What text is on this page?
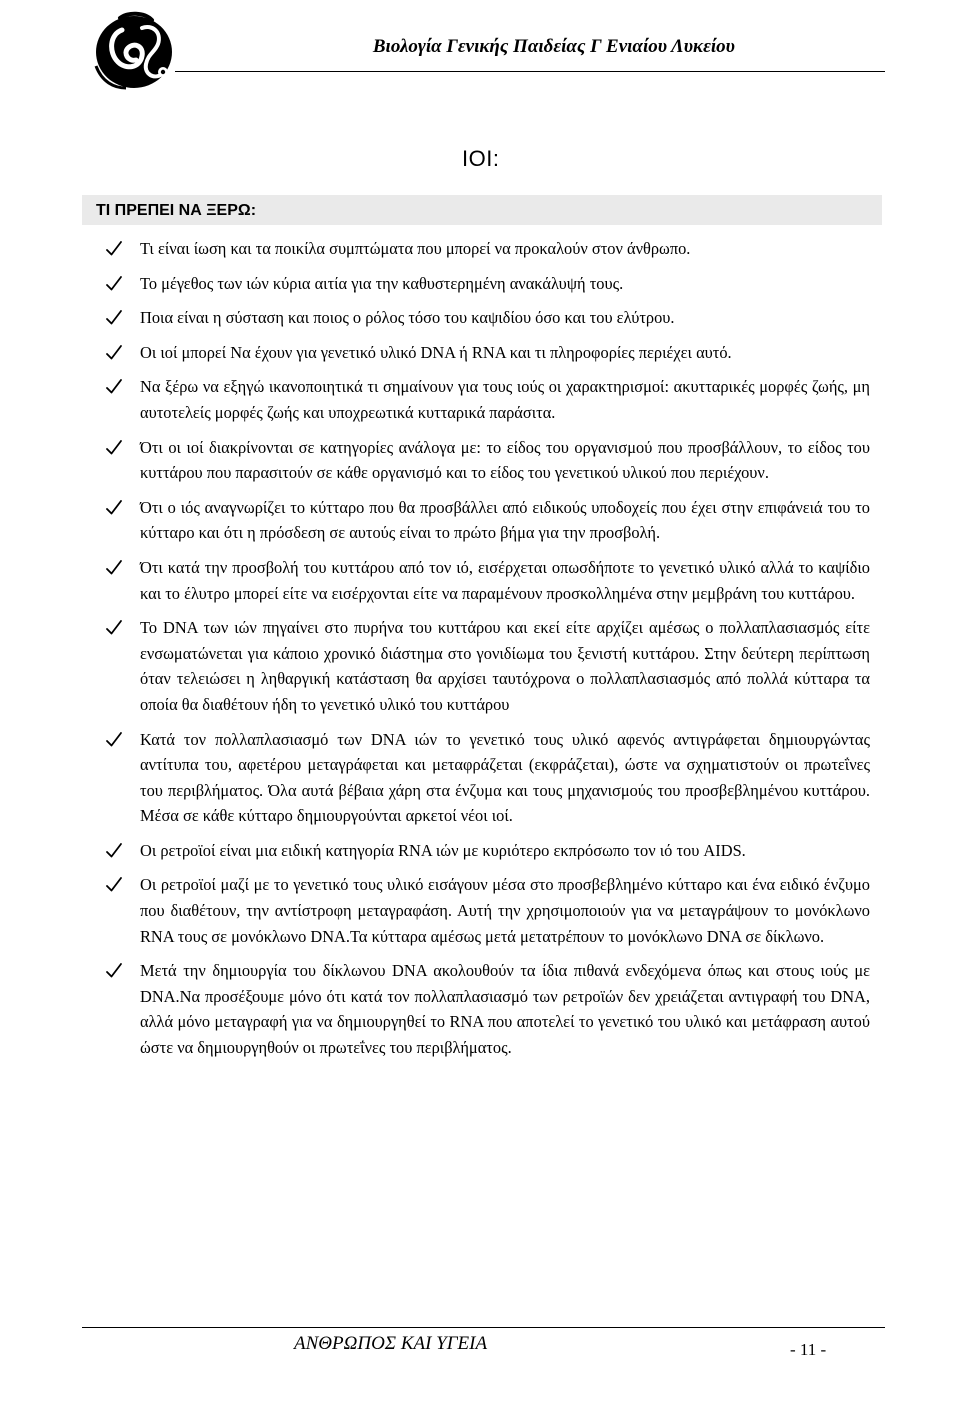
Βιολογία Γενικής Παιδείας Γ Ενιαίου Λυκείου
ΙΟΙ:
ΤΙ ΠΡΕΠΕΙ ΝΑ ΞΕΡΩ:
Τι είναι ίωση και τα ποικίλα συμπτώματα που μπορεί να προκαλούν στον άνθρωπο.
Το μέγεθος των ιών κύρια αιτία για την καθυστερημένη ανακάλυψή τους.
Ποια είναι η σύσταση και ποιος ο ρόλος τόσο του καψιδίου όσο και του ελύτρου.
Οι ιοί μπορεί Να έχουν για γενετικό υλικό DNA ή RNA και τι πληροφορίες περιέχει αυτό.
Να ξέρω να εξηγώ ικανοποιητικά τι σημαίνουν για τους ιούς οι χαρακτηρισμοί: ακυτταρικές μορφές ζωής, μη αυτοτελείς μορφές ζωής και υποχρεωτικά κυτταρικά παράσιτα.
Ότι οι ιοί διακρίνονται σε κατηγορίες ανάλογα με: το είδος του οργανισμού που προσβάλλουν, το είδος του κυττάρου που παρασιτούν σε κάθε οργανισμό και το είδος του γενετικού υλικού που περιέχουν.
Ότι ο ιός αναγνωρίζει το κύτταρο που θα προσβάλλει από ειδικούς υποδοχείς που έχει στην επιφάνειά του το κύτταρο και ότι η πρόσδεση σε αυτούς είναι το πρώτο βήμα για την προσβολή.
Ότι κατά την προσβολή του κυττάρου από τον ιό, εισέρχεται οπωσδήποτε το γενετικό υλικό αλλά το καψίδιο και το έλυτρο μπορεί είτε να εισέρχονται είτε να παραμένουν προσκολλημένα στην μεμβράνη του κυττάρου.
Το DNA των ιών πηγαίνει στο πυρήνα του κυττάρου και εκεί είτε αρχίζει αμέσως ο πολλαπλασιασμός είτε ενσωματώνεται για κάποιο χρονικό διάστημα στο γονιδίωμα του ξενιστή κυττάρου. Στην δεύτερη περίπτωση όταν τελειώσει η ληθαργική κατάσταση θα αρχίσει ταυτόχρονα ο πολλαπλασιασμός από πολλά κύτταρα τα οποία θα διαθέτουν ήδη το γενετικό υλικό του κυττάρου
Κατά τον πολλαπλασιασμό των DNA ιών το γενετικό τους υλικό αφενός αντιγράφεται δημιουργώντας αντίτυπα του, αφετέρου μεταγράφεται και μεταφράζεται (εκφράζεται), ώστε να σχηματιστούν οι πρωτεΐνες του περιβλήματος. Όλα αυτά βέβαια χάρη στα ένζυμα και τους μηχανισμούς του προσβεβλημένου κυττάρου. Μέσα σε κάθε κύτταρο δημιουργούνται αρκετοί νέοι ιοί.
Οι ρετροϊοί είναι μια ειδική κατηγορία RNA ιών με κυριότερο εκπρόσωπο τον ιό του AIDS.
Οι ρετροϊοί μαζί με το γενετικό τους υλικό εισάγουν μέσα στο προσβεβλημένο κύτταρο και ένα ειδικό ένζυμο που διαθέτουν, την αντίστροφη μεταγραφάση. Αυτή την χρησιμοποιούν για να μεταγράψουν το μονόκλωνο RNA τους σε μονόκλωνο DNA.Τα κύτταρα αμέσως μετά μετατρέπουν το μονόκλωνο DNA σε δίκλωνο.
Μετά την δημιουργία του δίκλωνου DNA ακολουθούν τα ίδια πιθανά ενδεχόμενα όπως και στους ιούς με DNA.Να προσέξουμε μόνο ότι κατά τον πολλαπλασιασμό των ρετροϊών δεν χρειάζεται αντιγραφή του DNA, αλλά μόνο μεταγραφή για να δημιουργηθεί το RNA που αποτελεί το γενετικό του υλικό και μετάφραση αυτού ώστε να δημιουργηθούν οι πρωτεΐνες του περιβλήματος.
ΑΝΘΡΩΠΟΣ ΚΑΙ ΥΓΕΙΑ	- 11 -
